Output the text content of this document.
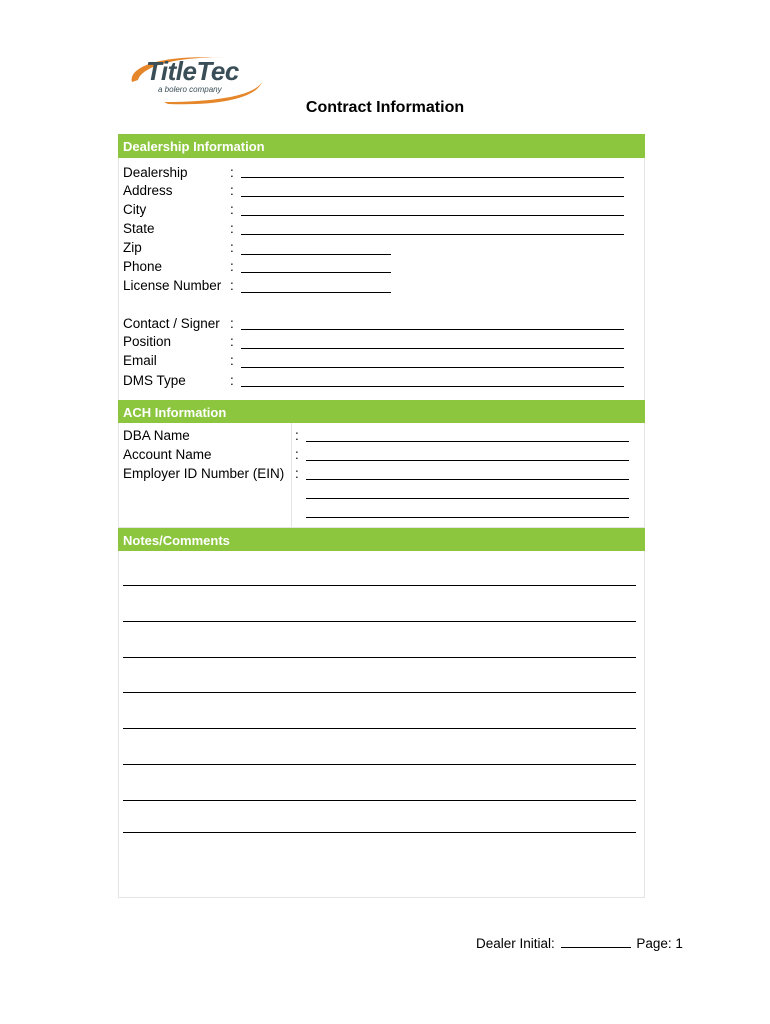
TitleTec
a bolero company
Contract Information
Dealership Information
Dealership	:
Address	:
City	:
State	:
Zip	:
Phone	:
License Number :
Contact / Signer :
Position	:
Email	:
DMS Type	:
ACH Information
DBA Name	:
Account Name	:
Employer ID Number (EIN) :
Notes/Comments
Dealer Initial:	Page: 1
